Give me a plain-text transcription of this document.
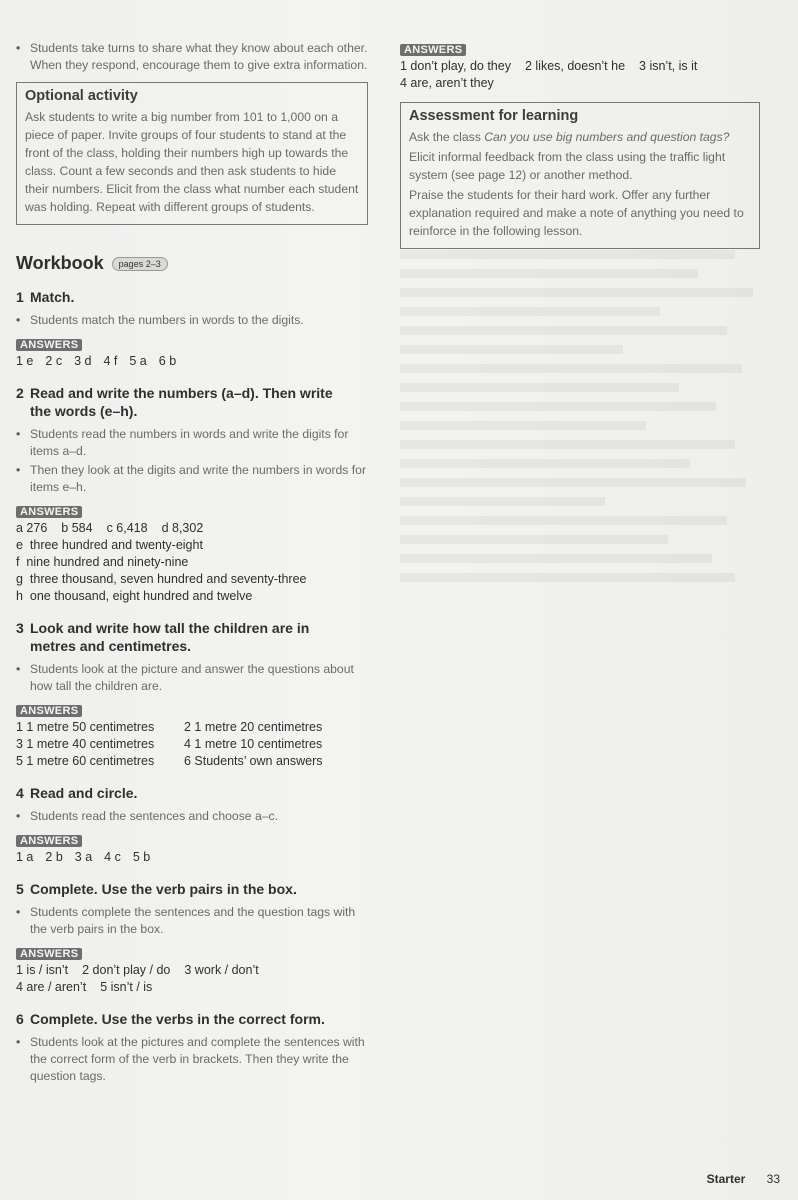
• Students take turns to share what they know about each other. When they respond, encourage them to give extra information.

Optional activity

Ask students to write a big number from 101 to 1,000 on a piece of paper. Invite groups of four students to stand at the front of the class, holding their numbers high up towards the class. Count a few seconds and then ask students to hide their numbers. Elicit from the class what number each student was holding. Repeat with different groups of students.

Workbook	pages 2–3
1 Match.

• Students match the numbers in words to the digits.

ANSWERS
1 e 2 c 3 d 4 f 5 a 6 b
2 Read and write the numbers (a–d). Then write
the words (e–h).

• Students read the numbers in words and write the digits for items a–d.

• Then they look at the digits and write the numbers in words for items e–h.

ANSWERS
a 276 b 584 c 6,418 d 8,302

e  three hundred and twenty-eight

f  nine hundred and ninety-nine

g  three thousand, seven hundred and seventy-three

h  one thousand, eight hundred and twelve

3 Look and write how tall the children are in
metres and centimetres.

• Students look at the picture and answer the questions about how tall the children are.

ANSWERS
1 1 metre 50 centimetres	2 1 metre 20 centimetres
3 1 metre 40 centimetres	4 1 metre 10 centimetres
5 1 metre 60 centimetres	6 Students’ own answers
4 Read and circle.

• Students read the sentences and choose a–c.

ANSWERS
1 a 2 b 3 a 4 c 5 b
5 Complete. Use the verb pairs in the box.

• Students complete the sentences and the question tags with the verb pairs in the box.

ANSWERS
1 is / isn’t 2 don’t play / do 3 work / don’t
4 are / aren’t 5 isn’t / is
6 Complete. Use the verbs in the correct form.

• Students look at the pictures and complete the sentences with the correct form of the verb in brackets. Then they write the question tags.

ANSWERS
1 don’t play, do they 2 likes, doesn’t he 3 isn’t, is it
4 are, aren’t they

Assessment for learning

Ask the class Can you use big numbers and question tags?

Elicit informal feedback from the class using the traffic light system (see page 12) or another method.

Praise the students for their hard work. Offer any further explanation required and make a note of anything you need to reinforce in the following lesson.

Starter 33
